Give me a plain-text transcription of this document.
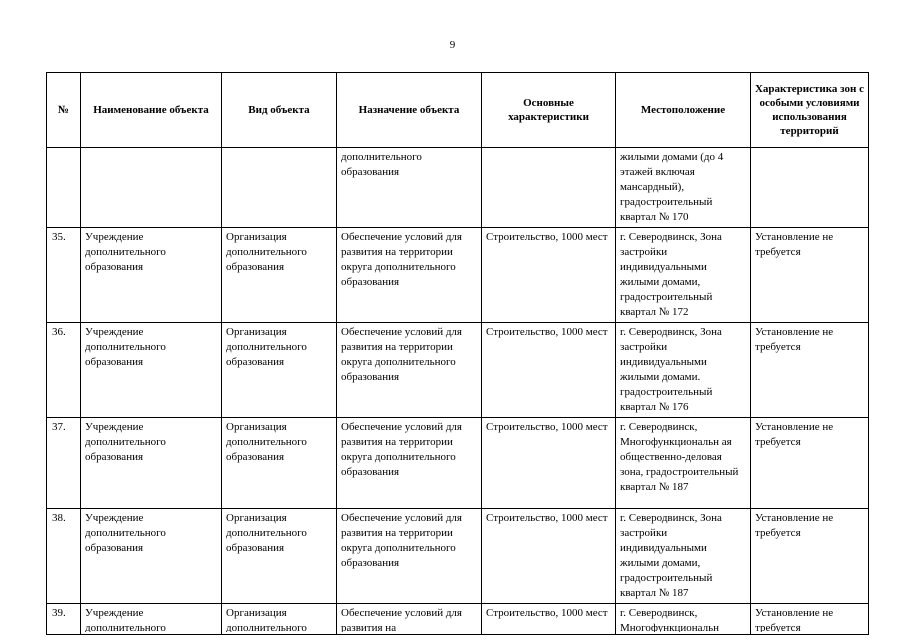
9
№	Наименование объекта	Вид объекта	Назначение объекта	Основные характеристики	Местоположение	Характеристика зон с особыми условиями использования территорий
			дополнительного образования		жилыми домами (до 4 этажей включая мансардный), градостроительный квартал № 170	
35.	Учреждение дополнительного образования	Организация дополнительного образования	Обеспечение условий для развития на территории округа дополнительного образования	Строительство, 1000 мест	г. Северодвинск, Зона застройки индивидуальными жилыми домами, градостроительный квартал № 172	Установление не требуется
36.	Учреждение дополнительного образования	Организация дополнительного образования	Обеспечение условий для развития на территории округа дополнительного образования	Строительство, 1000 мест	г. Северодвинск, Зона застройки индивидуальными жилыми домами. градостроительный квартал № 176	Установление не требуется
37.	Учреждение дополнительного образования	Организация дополнительного образования	Обеспечение условий для развития на территории округа дополнительного образования	Строительство, 1000 мест	г. Северодвинск, Многофункциональн ая общественно-деловая зона, градостроительный квартал № 187	Установление не требуется
38.	Учреждение дополнительного образования	Организация дополнительного образования	Обеспечение условий для развития на территории округа дополнительного образования	Строительство, 1000 мест	г. Северодвинск, Зона застройки индивидуальными жилыми домами, градостроительный квартал № 187	Установление не требуется

39.	Учреждение дополнительного	Организация дополнительного	Обеспечение условий для развития на	Строительство, 1000 мест	г. Северодвинск, Многофункциональн	Установление не требуется
